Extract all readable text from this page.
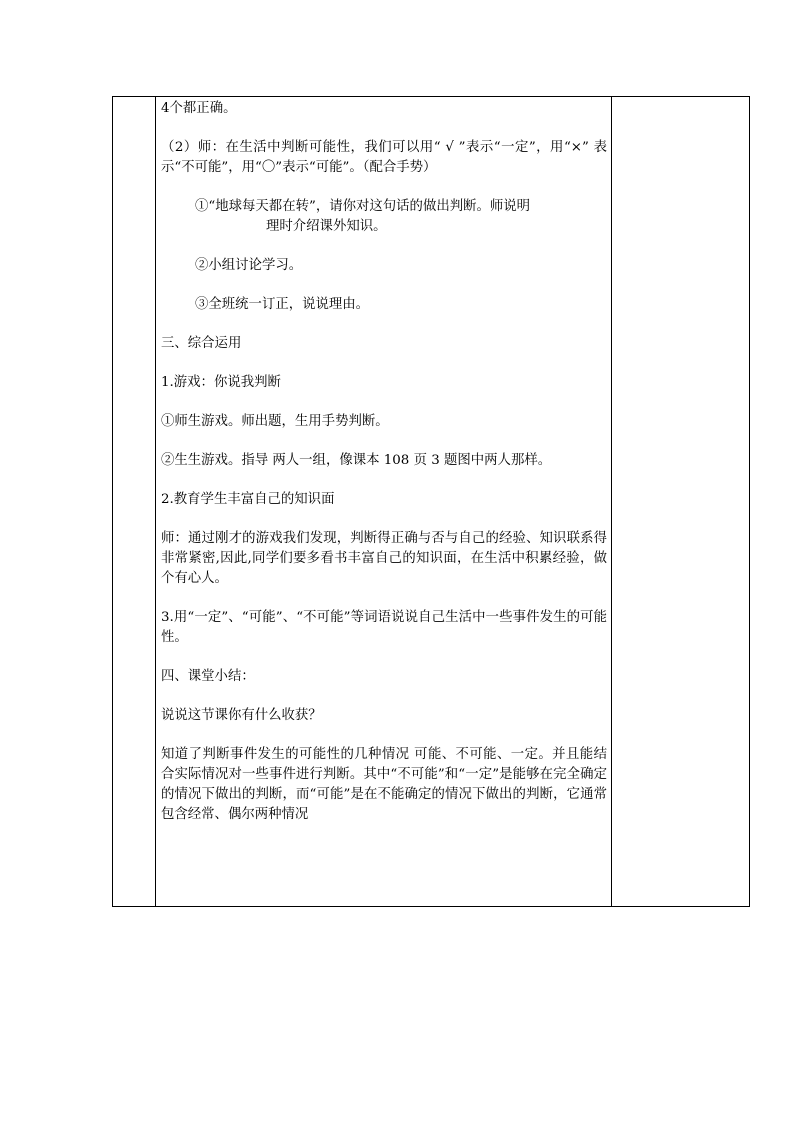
4个都正确。

（2）师：在生活中判断可能性，我们可以用“ √ ”表示“一定”，用“×” 表示“不可能”，用“〇”表示“可能”。（配合手势）

①“地球每天都在转”，请你对这句话的做出判断。师说明

理时介绍课外知识。

②小组讨论学习。

③全班统一订正，说说理由。

三、综合运用

1.游戏：你说我判断

①师生游戏。师出题，生用手势判断。

②生生游戏。指导 两人一组，像课本 108 页 3 题图中两人那样。

2.教育学生丰富自己的知识面

师：通过刚才的游戏我们发现，判断得正确与否与自己的经验、知识联系得非常紧密,因此,同学们要多看书丰富自己的知识面，在生活中积累经验，做个有心人。

3.用“一定”、“可能”、“不可能”等词语说说自己生活中一些事件发生的可能性。

四、课堂小结：

说说这节课你有什么收获？

知道了判断事件发生的可能性的几种情况 可能、不可能、一定。并且能结合实际情况对一些事件进行判断。其中“不可能”和“一定”是能够在完全确定的情况下做出的判断，而“可能”是在不能确定的情况下做出的判断，它通常包含经常、偶尔两种情况
